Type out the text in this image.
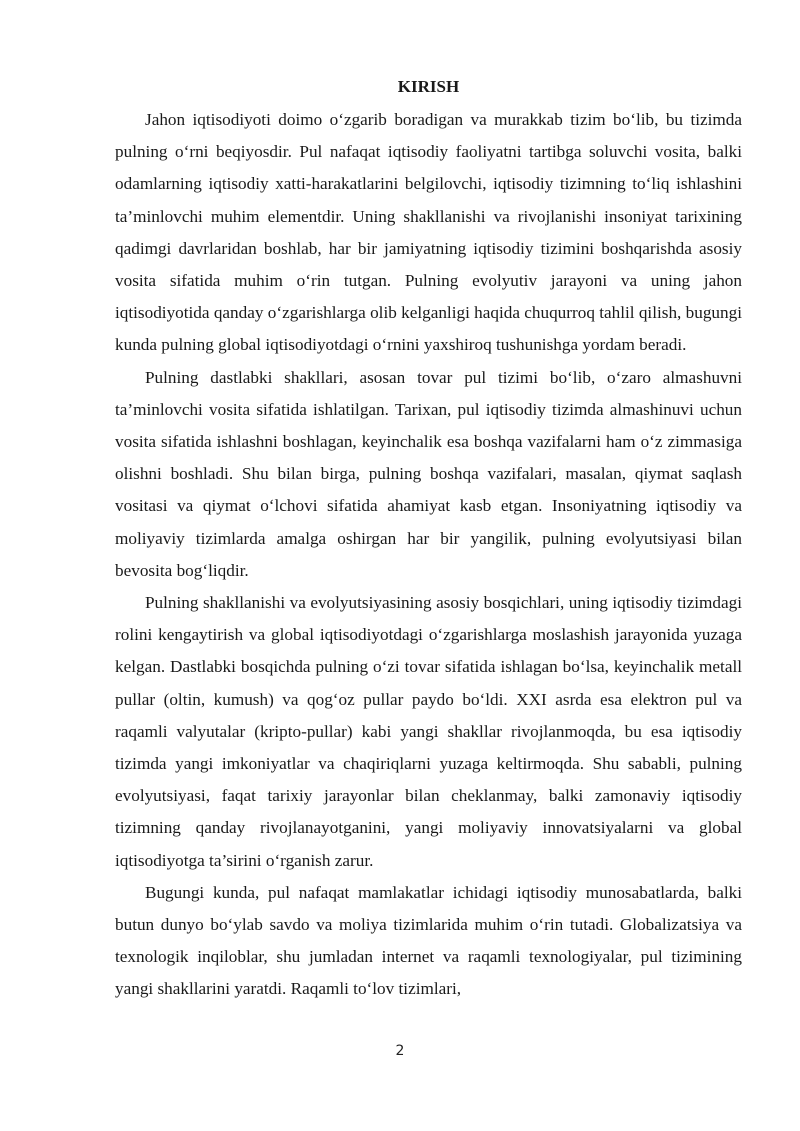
KIRISH

Jahon iqtisodiyoti doimo o‘zgarib boradigan va murakkab tizim bo‘lib, bu tizimda pulning o‘rni beqiyosdir. Pul nafaqat iqtisodiy faoliyatni tartibga soluvchi vosita, balki odamlarning iqtisodiy xatti-harakatlarini belgilovchi, iqtisodiy tizimning to‘liq ishlashini ta’minlovchi muhim elementdir. Uning shakllanishi va rivojlanishi insoniyat tarixining qadimgi davrlaridan boshlab, har bir jamiyatning iqtisodiy tizimini boshqarishda asosiy vosita sifatida muhim o‘rin tutgan. Pulning evolyutiv jarayoni va uning jahon iqtisodiyotida qanday o‘zgarishlarga olib kelganligi haqida chuqurroq tahlil qilish, bugungi kunda pulning global iqtisodiyotdagi o‘rnini yaxshiroq tushunishga yordam beradi.

Pulning dastlabki shakllari, asosan tovar pul tizimi bo‘lib, o‘zaro almashuvni ta’minlovchi vosita sifatida ishlatilgan. Tarixan, pul iqtisodiy tizimda almashinuvi uchun vosita sifatida ishlashni boshlagan, keyinchalik esa boshqa vazifalarni ham o‘z zimmasiga olishni boshladi. Shu bilan birga, pulning boshqa vazifalari, masalan, qiymat saqlash vositasi va qiymat o‘lchovi sifatida ahamiyat kasb etgan. Insoniyatning iqtisodiy va moliyaviy tizimlarda amalga oshirgan har bir yangilik, pulning evolyutsiyasi bilan bevosita bog‘liqdir.

Pulning shakllanishi va evolyutsiyasining asosiy bosqichlari, uning iqtisodiy tizimdagi rolini kengaytirish va global iqtisodiyotdagi o‘zgarishlarga moslashish jarayonida yuzaga kelgan. Dastlabki bosqichda pulning o‘zi tovar sifatida ishlagan bo‘lsa, keyinchalik metall pullar (oltin, kumush) va qog‘oz pullar paydo bo‘ldi. XXI asrda esa elektron pul va raqamli valyutalar (kripto-pullar) kabi yangi shakllar rivojlanmoqda, bu esa iqtisodiy tizimda yangi imkoniyatlar va chaqiriqlarni yuzaga keltirmoqda. Shu sababli, pulning evolyutsiyasi, faqat tarixiy jarayonlar bilan cheklanmay, balki zamonaviy iqtisodiy tizimning qanday rivojlanayotganini, yangi moliyaviy innovatsiyalarni va global iqtisodiyotga ta’sirini o‘rganish zarur.

Bugungi kunda, pul nafaqat mamlakatlar ichidagi iqtisodiy munosabatlarda, balki butun dunyo bo‘ylab savdo va moliya tizimlarida muhim o‘rin tutadi. Globalizatsiya va texnologik inqiloblar, shu jumladan internet va raqamli texnologiyalar, pul tizimining yangi shakllarini yaratdi. Raqamli to‘lov tizimlari,

2
